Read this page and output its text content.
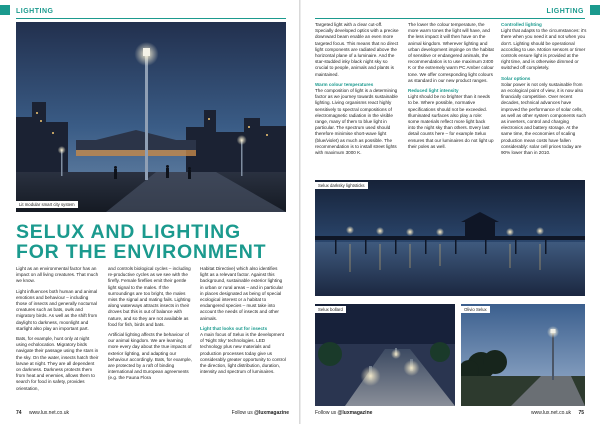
LIGHTING
Lit modular smart city system
SELUX AND LIGHTING
FOR THE ENVIRONMENT

Light as an environmental factor has an impact on all living creatures. That much we know.

Light influences both human and animal emotions and behaviour – including those of insects and generally nocturnal creatures such as bats, owls and migratory birds. As well as the shift from daylight to darkness, moonlight and starlight also play an important part.

Bats, for example, hunt only at night using echolocation. Migratory birds navigate their passage using the stars in the sky. On the water, insects hatch their larvae at night. They are all dependent on darkness. Darkness protects them from heat and enemies, allows them to search for food in safety, provides orientation,

and controls biological cycles – including re-productive cycles as we see with the firefly. Female fireflies emit their gentle light signal to the males. If the surroundings are too bright, the males miss the signal and mating fails. Lighting along waterways attracts insects in their droves but this is out of balance with nature, and so they are not available as food for fish, birds and bats.

Artificial lighting affects the behaviour of our animal kingdom. We are learning more every day about the true impacts of exterior lighting, and adapting our behaviour accordingly. Bats, for example, are protected by a raft of binding international and European agreements (e.g. the Fauna Flora

Habitat Directive) which also identifies light as a relevant factor. Against this background, sustainable exterior lighting in urban or rural areas – and in particular in places designated as being of special ecological interest or a habitat to endangered species – must take into account the needs of insects and other animals.

Light that looks out for insects

A main focus of Selux is the development of 'Night Sky' technologies. LED technology plus new materials and production processes today give us considerably greater opportunity to control the direction, light distribution, duration, intensity and spectrum of luminaires.

74 www.lux.net.co.uk	Follow us @luxmagazine
LIGHTING

Targeted light with a clear cut-off. Specially developed optics with a precise downward beam enable an even more targeted focus. This means that no direct light components are radiated above the horizontal plane of a luminaire. And the star-studded inky black night sky so crucial to people, animals and plants is maintained.

Warm colour temperatures

The composition of light is a determining factor as we journey towards sustainable lighting. Living organisms react highly sensitively to spectral compositions of electromagnetic radiation in the visible range, many of them to blue light in particular. The spectrum used should therefore minimise short-wave light (blue/violet) as much as possible. The recommendation is to install street lights with maximum 3000 K.

The lower the colour temperature, the more warm tones the light will have, and the less impact it will then have on the animal kingdom. Wherever lighting and urban development impinge on the habitat of sensitive or endangered animals, the recommendation is to use maximum 2400 K or the extremely warm PC Amber colour tone. We offer corresponding light colours as standard in our new product ranges.

Reduced light intensity

Light should be no brighter than it needs to be. Where possible, normative specifications should not be exceeded. Illuminated surfaces also play a role: some materials reflect more light back into the night sky than others. Every last detail counts here – for example Selux ensures that our luminaires do not light up their poles as well.

Controlled lighting

Light that adapts to the circumstances: it's there when you need it and not when you don't. Lighting should be operational according to use. Motion sensors or timer controls ensure light is provided at the right time, and is otherwise dimmed or switched off completely.

Solar options

Solar power is not only sustainable from an ecological point of view, it is now also financially competitive. Over recent decades, technical advances have improved the performance of solar cells, as well as other system components such as inverters, control and charging electronics and battery storage. At the same time, the economies of scaling production mean costs have fallen considerably: solar cell prices today are 90% lower than in 2010.

Selux darksky lightsticks
Selux bollard	Olivio Selux
Follow us @luxmagazine	www.lux.net.co.uk 75
